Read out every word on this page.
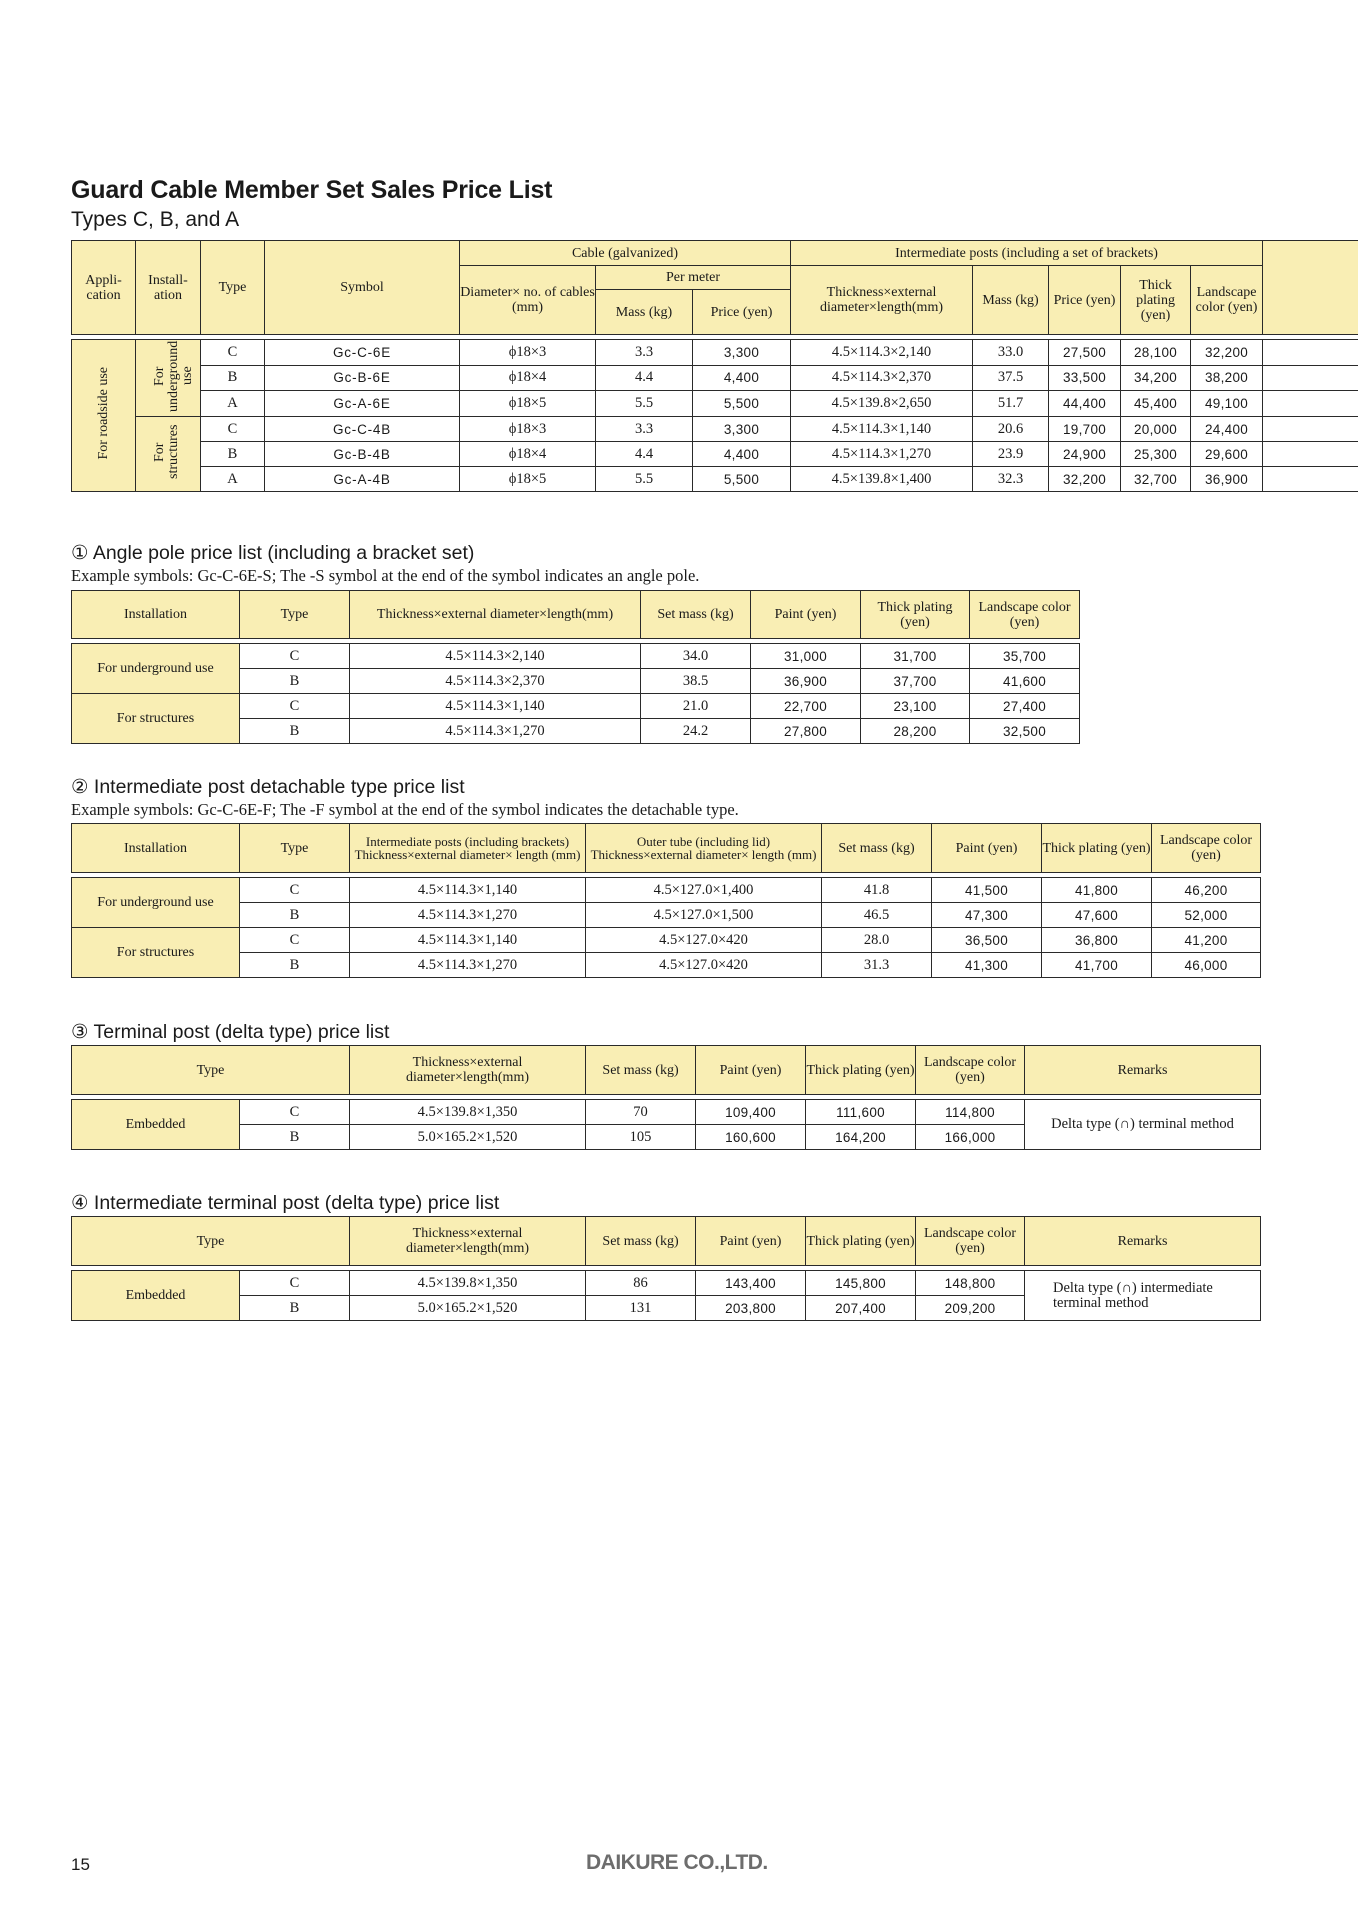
Guard Cable Member Set Sales Price List
Types C, B, and A
Appli- cation	Install- ation	Type	Symbol	Cable (galvanized)			Intermediate posts (including a set of brackets)					
				Diameter× no. of cables (mm)	Per meter		Thickness×external diameter×length(mm)	Mass (kg)	Price (yen)	Thick plating (yen)	Landscape color (yen)	
					Mass (kg)	Price (yen)						

For roadside use	For underground use	C	Gc-C-6E	ϕ18×3	3.3	3,300	4.5×114.3×2,140	33.0	27,500	28,100	32,200	
		B	Gc-B-6E	ϕ18×4	4.4	4,400	4.5×114.3×2,370	37.5	33,500	34,200	38,200	
		A	Gc-A-6E	ϕ18×5	5.5	5,500	4.5×139.8×2,650	51.7	44,400	45,400	49,100	
	For structures	C	Gc-C-4B	ϕ18×3	3.3	3,300	4.5×114.3×1,140	20.6	19,700	20,000	24,400	
		B	Gc-B-4B	ϕ18×4	4.4	4,400	4.5×114.3×1,270	23.9	24,900	25,300	29,600	
		A	Gc-A-4B	ϕ18×5	5.5	5,500	4.5×139.8×1,400	32.3	32,200	32,700	36,900	
① Angle pole price list (including a bracket set)
Example symbols: Gc-C-6E-S; The -S symbol at the end of the symbol indicates an angle pole.
Installation	Type	Thickness×external diameter×length(mm)	Set mass (kg)	Paint (yen)	Thick plating (yen)	Landscape color (yen)

For underground use	C	4.5×114.3×2,140	34.0	31,000	31,700	35,700
	B	4.5×114.3×2,370	38.5	36,900	37,700	41,600
For structures	C	4.5×114.3×1,140	21.0	22,700	23,100	27,400
	B	4.5×114.3×1,270	24.2	27,800	28,200	32,500
② Intermediate post detachable type price list
Example symbols: Gc-C-6E-F; The -F symbol at the end of the symbol indicates the detachable type.
Installation	Type	Intermediate posts (including brackets) Thickness×external diameter× length (mm)	Outer tube (including lid) Thickness×external diameter× length (mm)	Set mass (kg)	Paint (yen)	Thick plating (yen)	Landscape color (yen)

For underground use	C	4.5×114.3×1,140	4.5×127.0×1,400	41.8	41,500	41,800	46,200
	B	4.5×114.3×1,270	4.5×127.0×1,500	46.5	47,300	47,600	52,000
For structures	C	4.5×114.3×1,140	4.5×127.0×420	28.0	36,500	36,800	41,200
	B	4.5×114.3×1,270	4.5×127.0×420	31.3	41,300	41,700	46,000
③ Terminal post (delta type) price list
Type		Thickness×external diameter×length(mm)	Set mass (kg)	Paint (yen)	Thick plating (yen)	Landscape color (yen)	Remarks

Embedded	C	4.5×139.8×1,350	70	109,400	111,600	114,800	Delta type (∩) terminal method
	B	5.0×165.2×1,520	105	160,600	164,200	166,000	
④ Intermediate terminal post (delta type) price list
Type		Thickness×external diameter×length(mm)	Set mass (kg)	Paint (yen)	Thick plating (yen)	Landscape color (yen)	Remarks

Embedded	C	4.5×139.8×1,350	86	143,400	145,800	148,800	Delta type (∩) intermediate terminal method
	B	5.0×165.2×1,520	131	203,800	207,400	209,200	
15	DAIKURE CO.,LTD.
